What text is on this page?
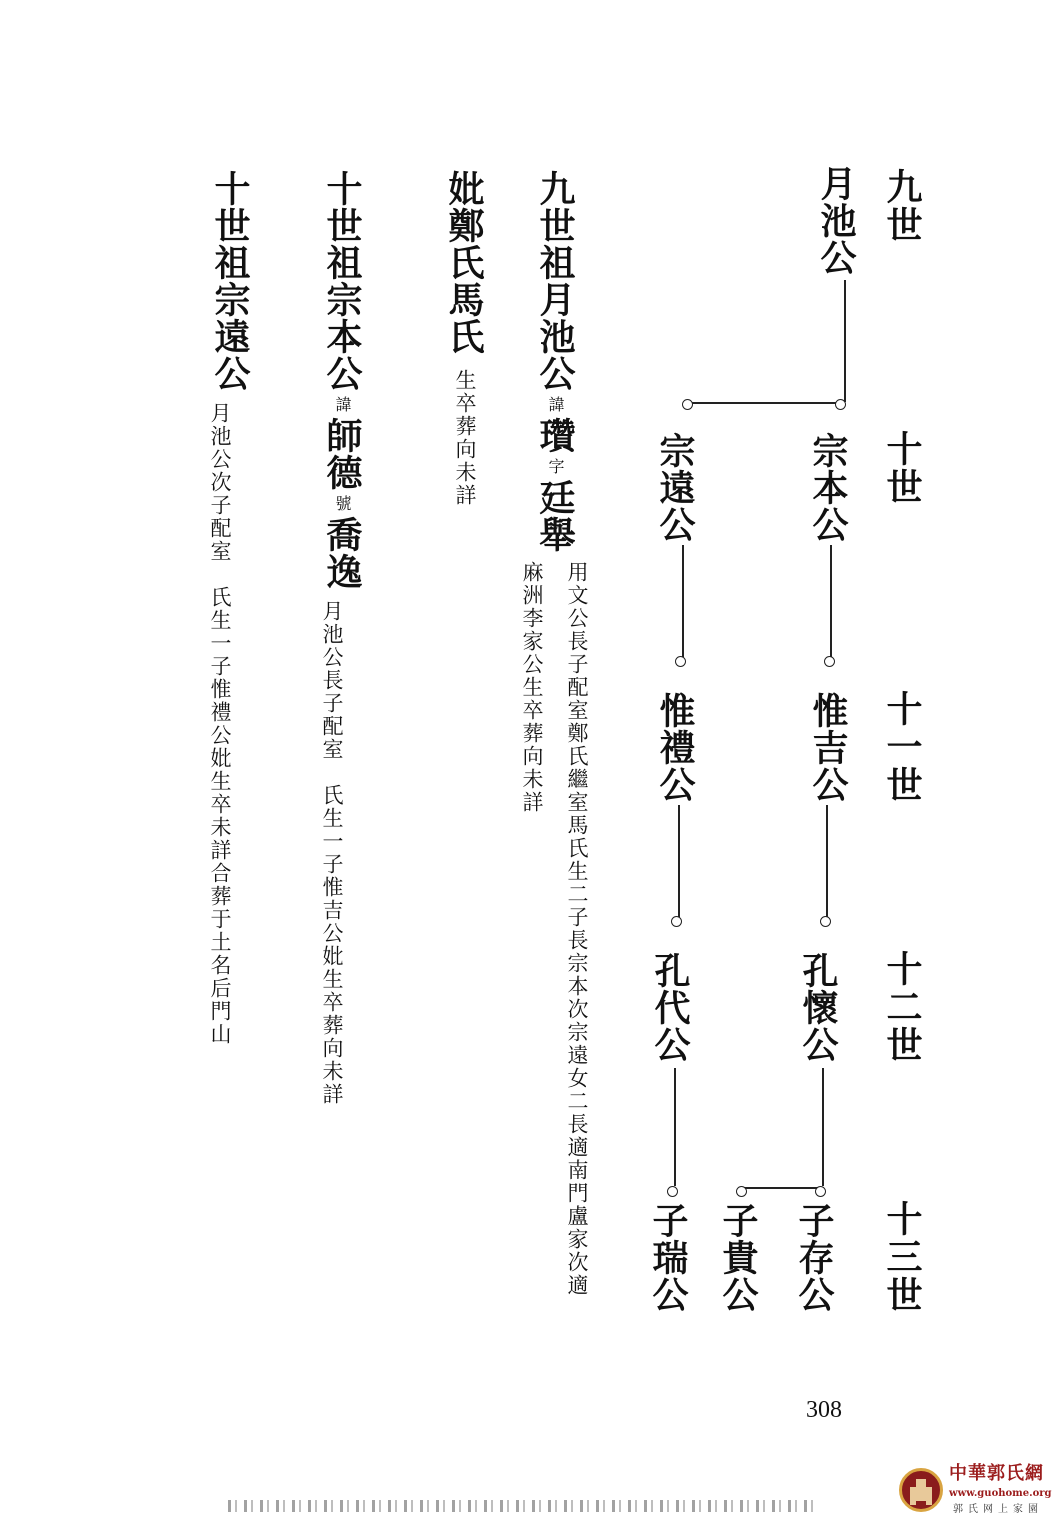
九世
十世
十一世
十二世
十三世
月池公
宗本公
宗遠公
惟吉公
惟禮公
孔懷公
孔代公
子存公
子貴公
子瑞公
九世祖月池公諱瓚字廷舉
用文公長子配室鄭氏繼室馬氏生二子長宗本次宗遠女二長適南門盧家次適
麻洲李家公生卒葬向未詳
妣鄭氏馬氏
生卒葬向未詳
十世祖宗本公諱師德號喬逸
月池公長子配室　氏生一子惟吉公妣生卒葬向未詳
十世祖宗遠公
月池公次子配室　氏生一子惟禮公妣生卒未詳合葬于土名后門山
308
中華郭氏網
www.guohome.org
郭氏网上家園
